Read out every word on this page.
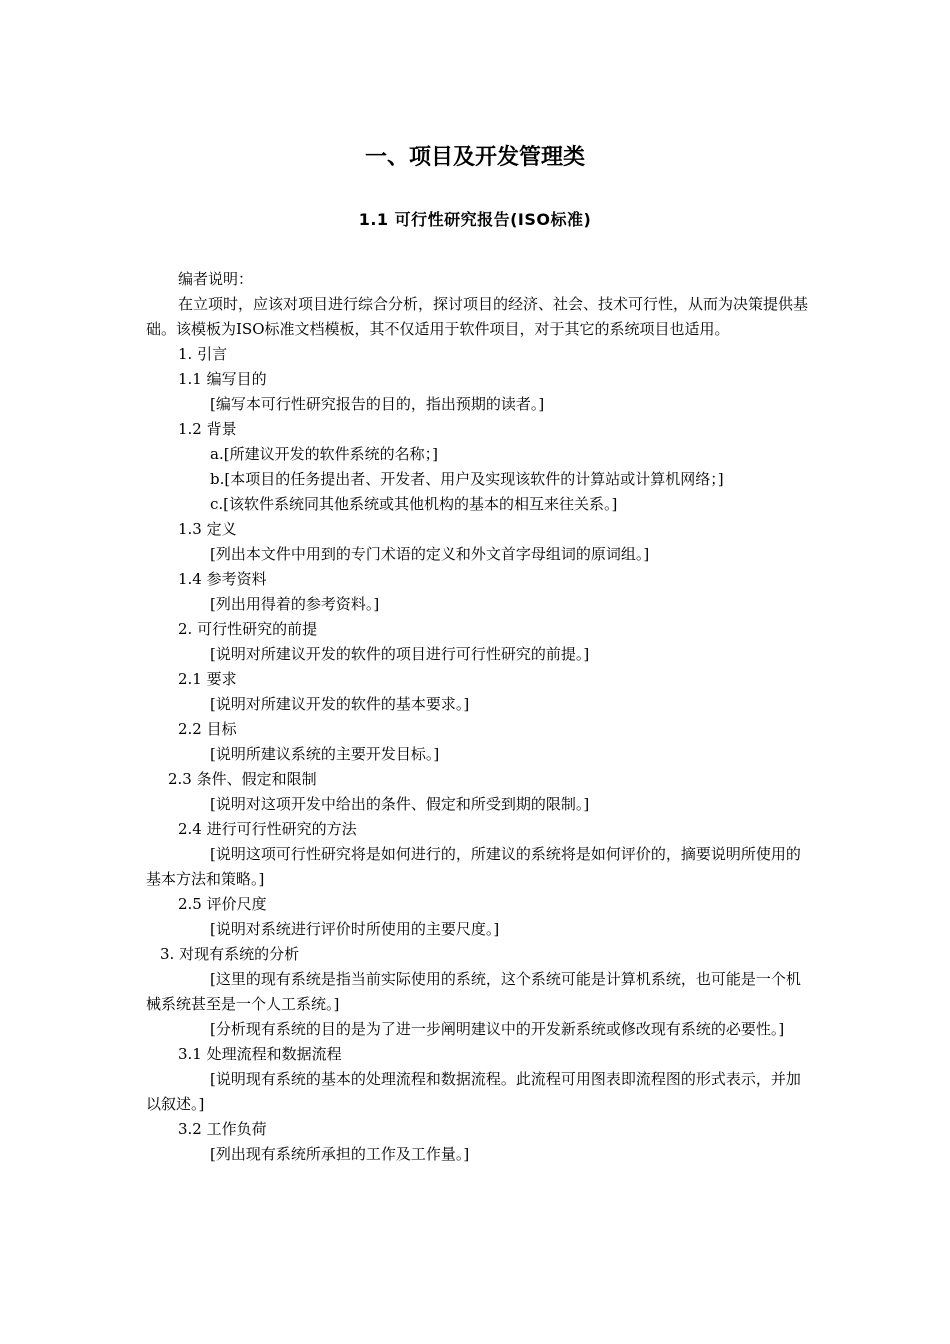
一、项目及开发管理类
1.1 可行性研究报告(ISO标准)

编者说明：

在立项时，应该对项目进行综合分析，探讨项目的经济、社会、技术可行性，从而为决策提供基础。该模板为ISO标准文档模板，其不仅适用于软件项目，对于其它的系统项目也适用。

1. 引言

1.1 编写目的

[编写本可行性研究报告的目的，指出预期的读者。]

1.2 背景

a.[所建议开发的软件系统的名称；]

b.[本项目的任务提出者、开发者、用户及实现该软件的计算站或计算机网络；]

c.[该软件系统同其他系统或其他机构的基本的相互来往关系。]

1.3 定义

[列出本文件中用到的专门术语的定义和外文首字母组词的原词组。]

1.4 参考资料

[列出用得着的参考资料。]

2. 可行性研究的前提

[说明对所建议开发的软件的项目进行可行性研究的前提。]

2.1 要求

[说明对所建议开发的软件的基本要求。]

2.2 目标

[说明所建议系统的主要开发目标。]

2.3 条件、假定和限制

[说明对这项开发中给出的条件、假定和所受到期的限制。]

2.4 进行可行性研究的方法

[说明这项可行性研究将是如何进行的，所建议的系统将是如何评价的，摘要说明所使用的基本方法和策略。]

2.5 评价尺度

[说明对系统进行评价时所使用的主要尺度。]

3. 对现有系统的分析

[这里的现有系统是指当前实际使用的系统，这个系统可能是计算机系统，也可能是一个机械系统甚至是一个人工系统。]

[分析现有系统的目的是为了进一步阐明建议中的开发新系统或修改现有系统的必要性。]

3.1 处理流程和数据流程

[说明现有系统的基本的处理流程和数据流程。此流程可用图表即流程图的形式表示，并加以叙述。]

3.2 工作负荷

[列出现有系统所承担的工作及工作量。]
